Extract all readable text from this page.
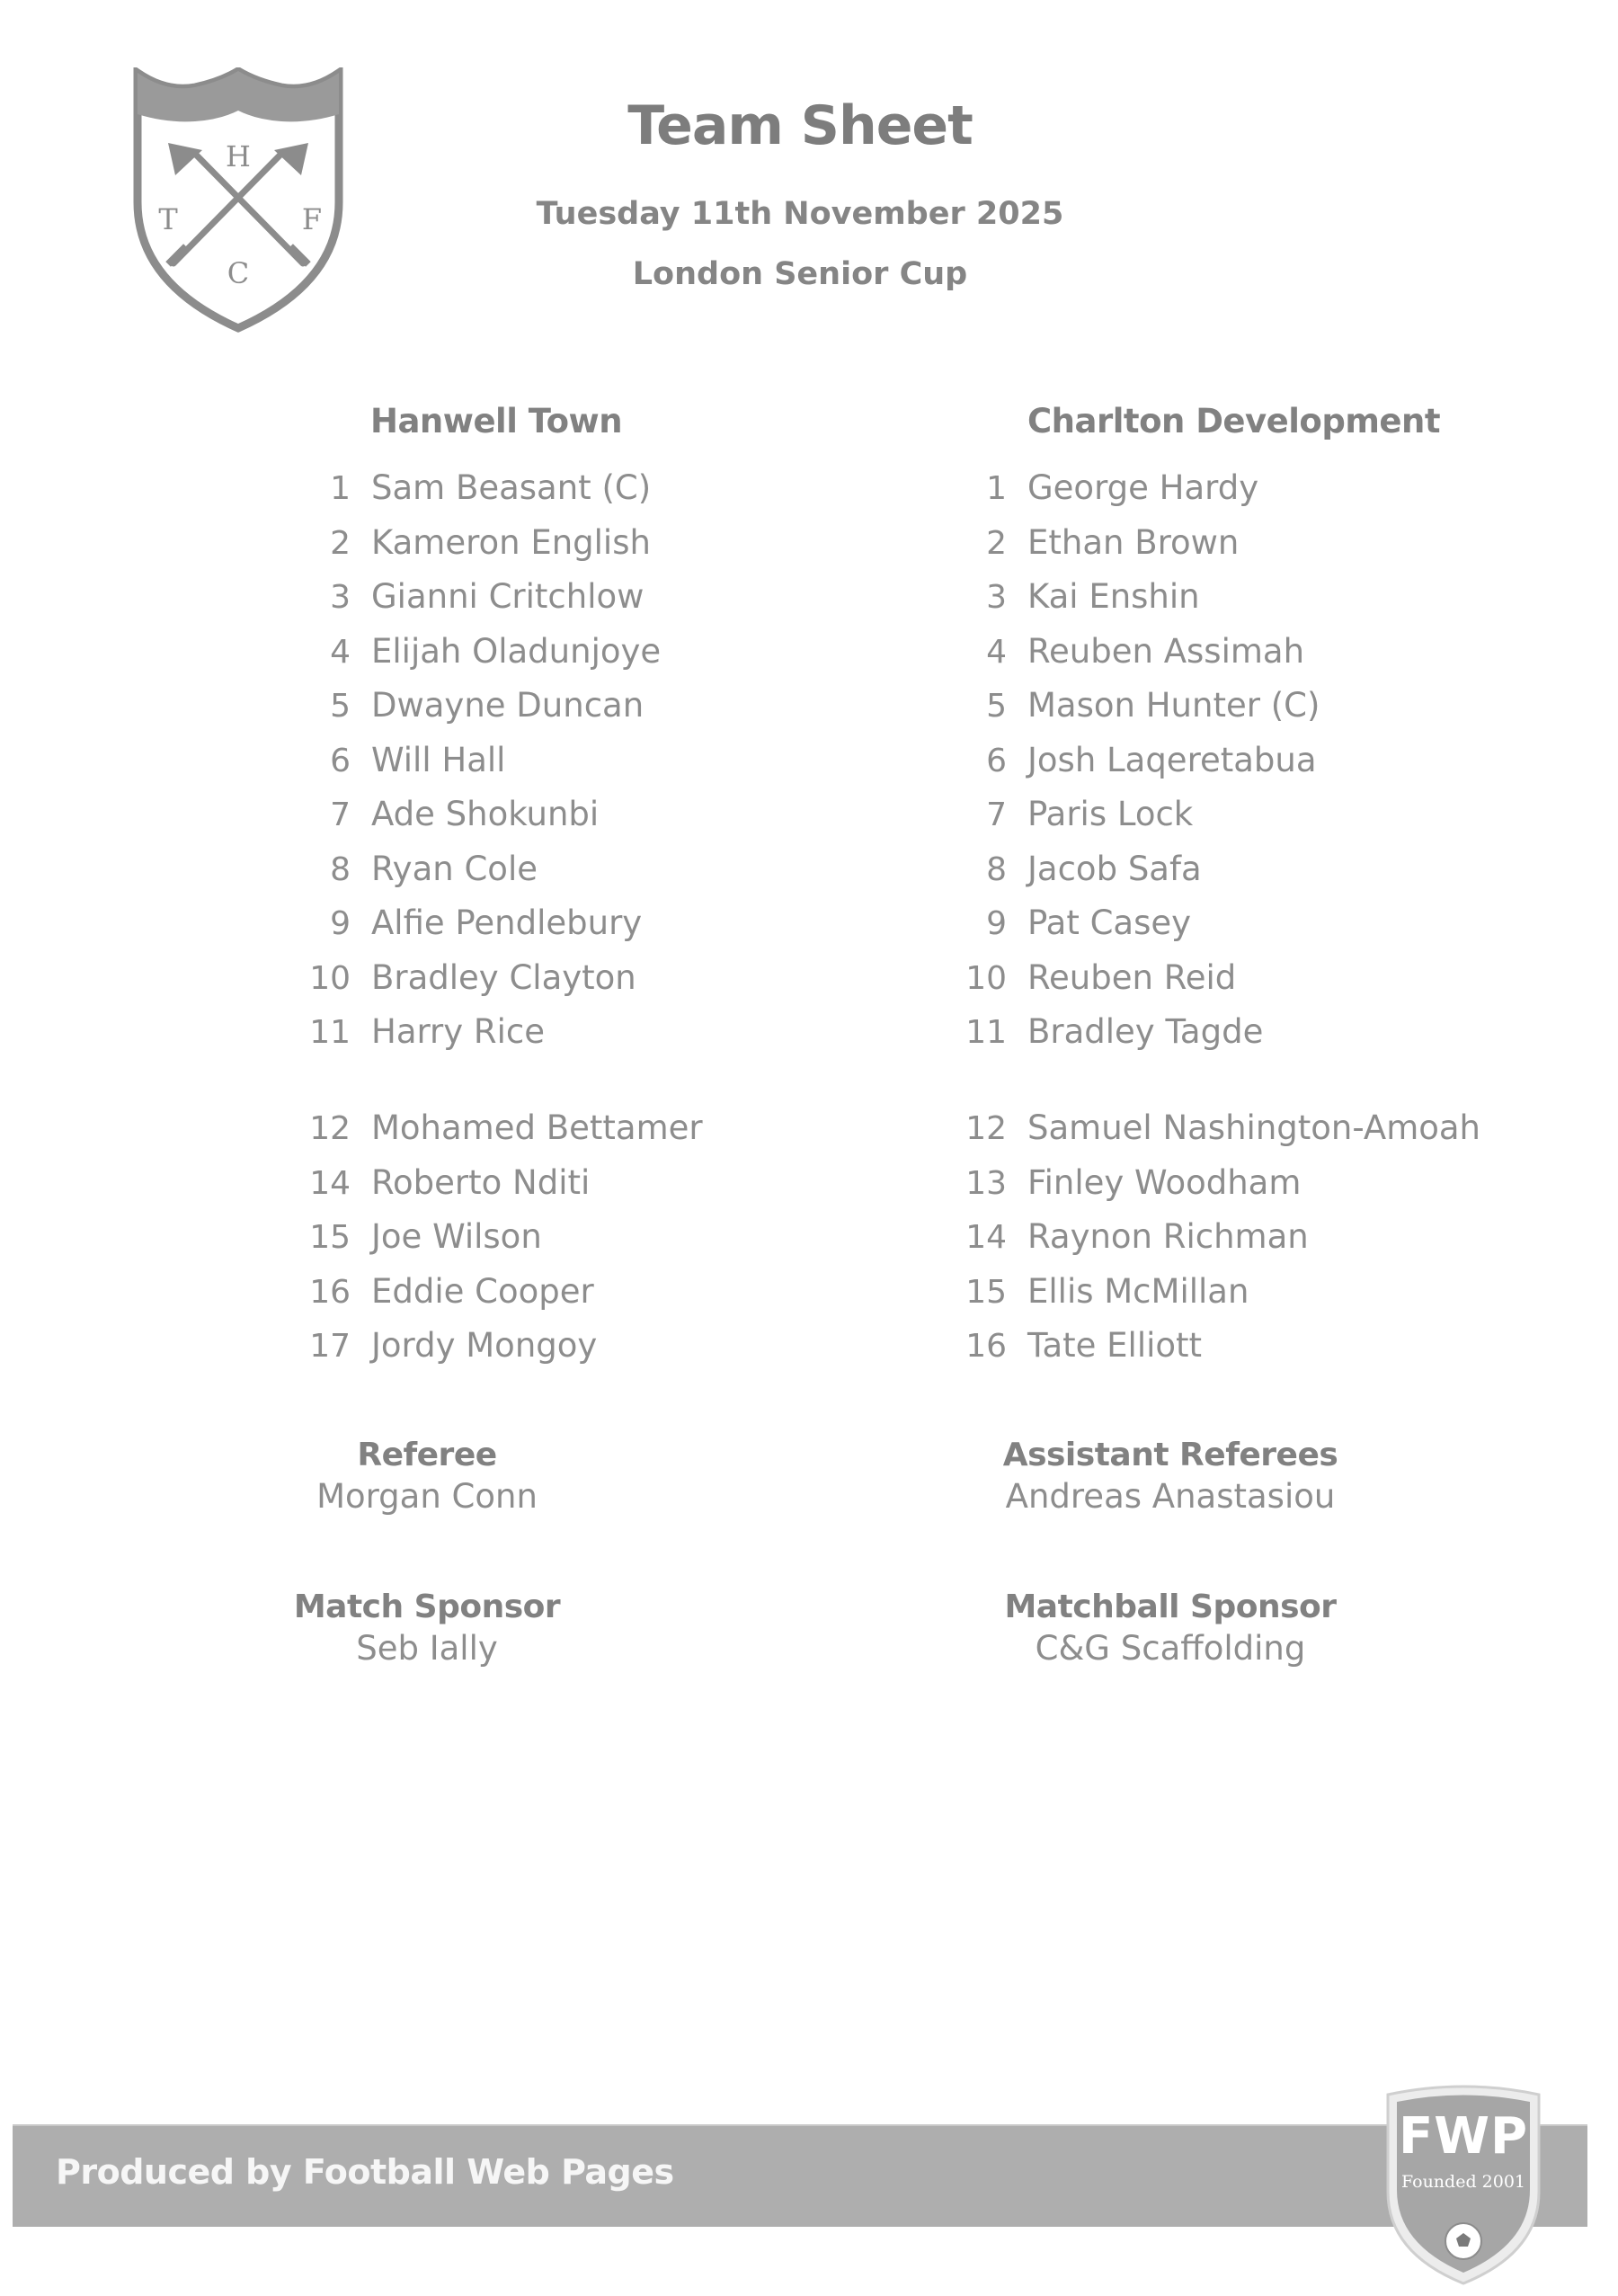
H
T	F
C
Team Sheet
Tuesday 11th November 2025
London Senior Cup
Hanwell Town
1 Sam Beasant (C)
2 Kameron English
3 Gianni Critchlow
4 Elijah Oladunjoye
5 Dwayne Duncan
6 Will Hall
7 Ade Shokunbi
8 Ryan Cole
9 Alfie Pendlebury
10 Bradley Clayton
11 Harry Rice
12 Mohamed Bettamer
14 Roberto Nditi
15 Joe Wilson
16 Eddie Cooper
17 Jordy Mongoy
Charlton Development
1 George Hardy
2 Ethan Brown
3 Kai Enshin
4 Reuben Assimah
5 Mason Hunter (C)
6 Josh Laqeretabua
7 Paris Lock
8 Jacob Safa
9 Pat Casey
10 Reuben Reid
11 Bradley Tagde
12 Samuel Nashington-Amoah
13 Finley Woodham
14 Raynon Richman
15 Ellis McMillan
16 Tate Elliott
Referee
Morgan Conn
Assistant Referees
Andreas Anastasiou
Match Sponsor
Seb Ially
Matchball Sponsor
C&G Scaffolding
Produced by Football Web Pages
FWP
Founded 2001
